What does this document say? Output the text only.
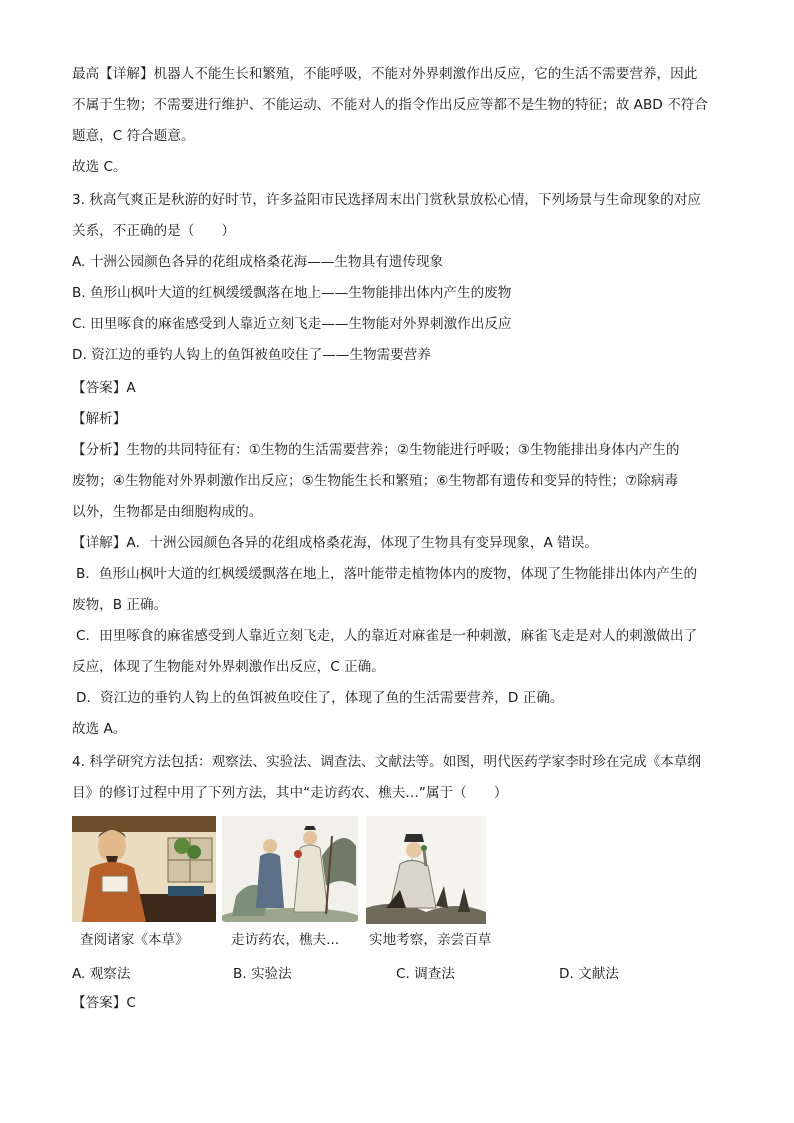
最高【详解】机器人不能生长和繁殖，不能呼吸，不能对外界刺激作出反应，它的生活不需要营养，因此
不属于生物；不需要进行维护、不能运动、不能对人的指令作出反应等都不是生物的特征；故 ABD 不符合
题意，C 符合题意。
故选 C。
3. 秋高气爽正是秋游的好时节，许多益阳市民选择周末出门赏秋景放松心情，下列场景与生命现象的对应
关系，不正确的是（　　）
A. 十洲公园颜色各异的花组成格桑花海——生物具有遗传现象
B. 鱼形山枫叶大道的红枫缓缓飘落在地上——生物能排出体内产生的废物
C. 田里啄食的麻雀感受到人靠近立刻飞走——生物能对外界刺激作出反应
D. 资江边的垂钓人钩上的鱼饵被鱼咬住了——生物需要营养
【答案】A
【解析】
【分析】生物的共同特征有：①生物的生活需要营养；②生物能进行呼吸；③生物能排出身体内产生的
废物；④生物能对外界刺激作出反应；⑤生物能生长和繁殖；⑥生物都有遗传和变异的特性；⑦除病毒
以外，生物都是由细胞构成的。
【详解】A．十洲公园颜色各异的花组成格桑花海，体现了生物具有变异现象，A 错误。
B．鱼形山枫叶大道的红枫缓缓飘落在地上，落叶能带走植物体内的废物，体现了生物能排出体内产生的
废物，B 正确。
C．田里啄食的麻雀感受到人靠近立刻飞走，人的靠近对麻雀是一种刺激，麻雀飞走是对人的刺激做出了
反应，体现了生物能对外界刺激作出反应，C 正确。
D．资江边的垂钓人钩上的鱼饵被鱼咬住了，体现了鱼的生活需要营养，D 正确。
故选 A。
4. 科学研究方法包括：观察法、实验法、调查法、文献法等。如图，明代医药学家李时珍在完成《本草纲
目》的修订过程中用了下列方法，其中“走访药农、樵夫…”属于（　　）
查阅诸家《本草》	走访药农，樵夫... 实地考察，亲尝百草
A. 观察法	B. 实验法	C. 调查法	D. 文献法
【答案】C
